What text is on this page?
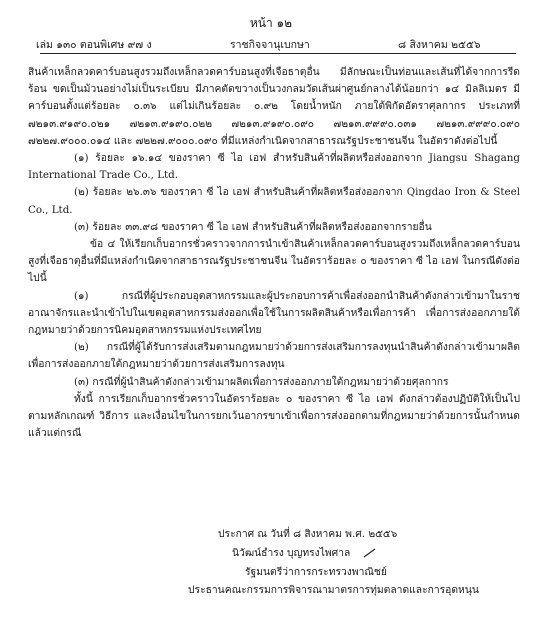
หน้า ๑๒
เล่ม ๑๓๐ ตอนพิเศษ ๙๗ ง	ราชกิจจานุเบกษา	๘ สิงหาคม ๒๕๕๖

สินค้าเหล็กลวดคาร์บอนสูงรวมถึงเหล็กลวดคาร์บอนสูงที่เจือธาตุอื่น มีลักษณะเป็นท่อนและเส้นที่ได้จากการรีดร้อน ขดเป็นม้วนอย่างไม่เป็นระเบียบ มีภาคตัดขวางเป็นวงกลมวัดเส้นผ่าศูนย์กลางได้น้อยกว่า ๑๔ มิลลิเมตร มีคาร์บอนตั้งแต่ร้อยละ ๐.๓๖ แต่ไม่เกินร้อยละ ๐.๙๒ โดยน้ำหนัก ภายใต้พิกัดอัตราศุลกากร ประเภทที่ ๗๒๑๓.๙๑๙๐.๐๒๑ ๗๒๑๓.๙๑๙๐.๐๒๒ ๗๒๑๓.๙๑๙๐.๐๙๐ ๗๒๑๓.๙๙๙๐.๐๓๑ ๗๒๑๓.๙๙๙๐.๐๙๐ ๗๒๒๗.๙๐๐๐.๐๑๔ และ ๗๒๒๗.๙๐๐๐.๐๙๐ ที่มีแหล่งกำเนิดจากสาธารณรัฐประชาชนจีน ในอัตราดังต่อไปนี้

(๑) ร้อยละ ๑๖.๑๔ ของราคา ซี ไอ เอฟ สำหรับสินค้าที่ผลิตหรือส่งออกจาก Jiangsu Shagang International Trade Co., Ltd.

(๒) ร้อยละ ๒๖.๓๖ ของราคา ซี ไอ เอฟ สำหรับสินค้าที่ผลิตหรือส่งออกจาก Qingdao Iron & Steel Co., Ltd.

(๓) ร้อยละ ๓๓.๙๘ ของราคา ซี ไอ เอฟ สำหรับสินค้าที่ผลิตหรือส่งออกจากรายอื่น

ข้อ ๔ ให้เรียกเก็บอากรชั่วคราวจากการนำเข้าสินค้าเหล็กลวดคาร์บอนสูงรวมถึงเหล็กลวดคาร์บอนสูงที่เจือธาตุอื่นที่มีแหล่งกำเนิดจากสาธารณรัฐประชาชนจีน ในอัตราร้อยละ ๐ ของราคา ซี ไอ เอฟ ในกรณีดังต่อไปนี้

(๑) กรณีที่ผู้ประกอบอุตสาหกรรมและผู้ประกอบการค้าเพื่อส่งออกนำสินค้าดังกล่าวเข้ามาในราชอาณาจักรและนำเข้าไปในเขตอุตสาหกรรมส่งออกเพื่อใช้ในการผลิตสินค้าหรือเพื่อการค้า เพื่อการส่งออกภายใต้กฎหมายว่าด้วยการนิคมอุตสาหกรรมแห่งประเทศไทย

(๒) กรณีที่ผู้ได้รับการส่งเสริมตามกฎหมายว่าด้วยการส่งเสริมการลงทุนนำสินค้าดังกล่าวเข้ามาผลิตเพื่อการส่งออกภายใต้กฎหมายว่าด้วยการส่งเสริมการลงทุน

(๓) กรณีที่ผู้นำสินค้าดังกล่าวเข้ามาผลิตเพื่อการส่งออกภายใต้กฎหมายว่าด้วยศุลกากร

ทั้งนี้ การเรียกเก็บอากรชั่วคราวในอัตราร้อยละ ๐ ของราคา ซี ไอ เอฟ ดังกล่าวต้องปฏิบัติให้เป็นไปตามหลักเกณฑ์ วิธีการ และเงื่อนไขในการยกเว้นอากรขาเข้าเพื่อการส่งออกตามที่กฎหมายว่าด้วยการนั้นกำหนดแล้วแต่กรณี

ประกาศ ณ วันที่ ๘ สิงหาคม พ.ศ. ๒๕๕๖
นิวัฒน์ธำรง บุญทรงไพศาล
รัฐมนตรีว่าการกระทรวงพาณิชย์
ประธานคณะกรรมการพิจารณามาตรการทุ่มตลาดและการอุดหนุน
